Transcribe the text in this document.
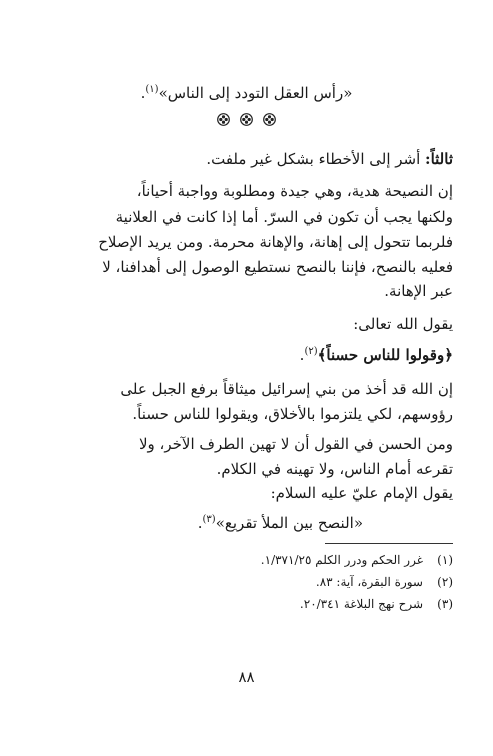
«رأس العقل التودد إلى الناس»$^{(١)}$.

ثالثاً: أشر إلى الأخطاء بشكل غير ملفت.

إن النصيحة هدية، وهي جيدة ومطلوبة وواجبة أحياناً،

ولكنها يجب أن تكون في السرّ. أما إذا كانت في العلانية

فلربما تتحول إلى إهانة، والإهانة محرمة. ومن يريد الإصلاح

فعليه بالنصح، فإننا بالنصح نستطيع الوصول إلى أهدافنا، لا

عبر الإهانة.

يقول الله تعالى:

﴿وقولوا للناس حسناً﴾$^{(٢)}$.

إن الله قد أخذ من بني إسرائيل ميثاقاً برفع الجبل على

رؤوسهم، لكي يلتزموا بالأخلاق، ويقولوا للناس حسناً.

ومن الحسن في القول أن لا تهين الطرف الآخر، ولا

تقرعه أمام الناس، ولا تهينه في الكلام.

يقول الإمام عليّ عليه السلام:

«النصح بين الملأ تقريع»$^{(٣)}$.

(١)غرر الحكم ودرر الكلم ١/٣٧١/٢٥.
(٢)سورة البقرة، آية: ٨٣.
(٣)شرح نهج البلاغة ٢٠/٣٤١.
٨٨
